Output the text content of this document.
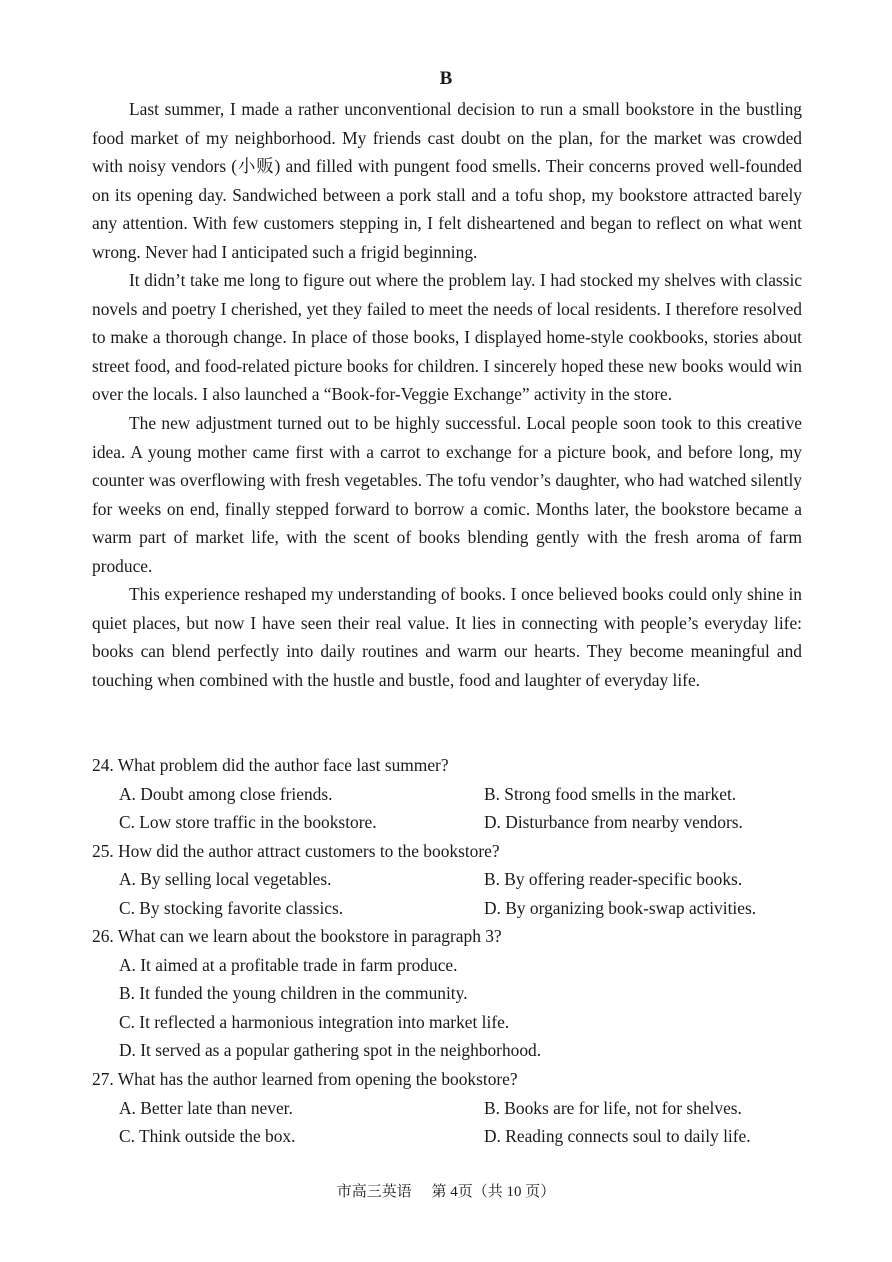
B

Last summer, I made a rather unconventional decision to run a small bookstore in the bustling food market of my neighborhood. My friends cast doubt on the plan, for the market was crowded with noisy vendors (小贩) and filled with pungent food smells. Their concerns proved well-founded on its opening day. Sandwiched between a pork stall and a tofu shop, my bookstore attracted barely any attention. With few customers stepping in, I felt disheartened and began to reflect on what went wrong. Never had I anticipated such a frigid beginning.

It didn’t take me long to figure out where the problem lay. I had stocked my shelves with classic novels and poetry I cherished, yet they failed to meet the needs of local residents. I therefore resolved to make a thorough change. In place of those books, I displayed home-style cookbooks, stories about street food, and food-related picture books for children. I sincerely hoped these new books would win over the locals. I also launched a “Book-for-Veggie Exchange” activity in the store.

The new adjustment turned out to be highly successful. Local people soon took to this creative idea. A young mother came first with a carrot to exchange for a picture book, and before long, my counter was overflowing with fresh vegetables. The tofu vendor’s daughter, who had watched silently for weeks on end, finally stepped forward to borrow a comic. Months later, the bookstore became a warm part of market life, with the scent of books blending gently with the fresh aroma of farm produce.

This experience reshaped my understanding of books. I once believed books could only shine in quiet places, but now I have seen their real value. It lies in connecting with people’s everyday life: books can blend perfectly into daily routines and warm our hearts. They become meaningful and touching when combined with the hustle and bustle, food and laughter of everyday life.

24. What problem did the author face last summer?

A. Doubt among close friends.	B. Strong food smells in the market.
C. Low store traffic in the bookstore.	D. Disturbance from nearby vendors.

25. How did the author attract customers to the bookstore?

A. By selling local vegetables.	B. By offering reader-specific books.
C. By stocking favorite classics.	D. By organizing book-swap activities.

26. What can we learn about the bookstore in paragraph 3?

A. It aimed at a profitable trade in farm produce.
B. It funded the young children in the community.
C. It reflected a harmonious integration into market life.
D. It served as a popular gathering spot in the neighborhood.

27. What has the author learned from opening the bookstore?

A. Better late than never.	B. Books are for life, not for shelves.
C. Think outside the box.	D. Reading connects soul to daily life.
市高三英语 第 4页（共 10 页）
